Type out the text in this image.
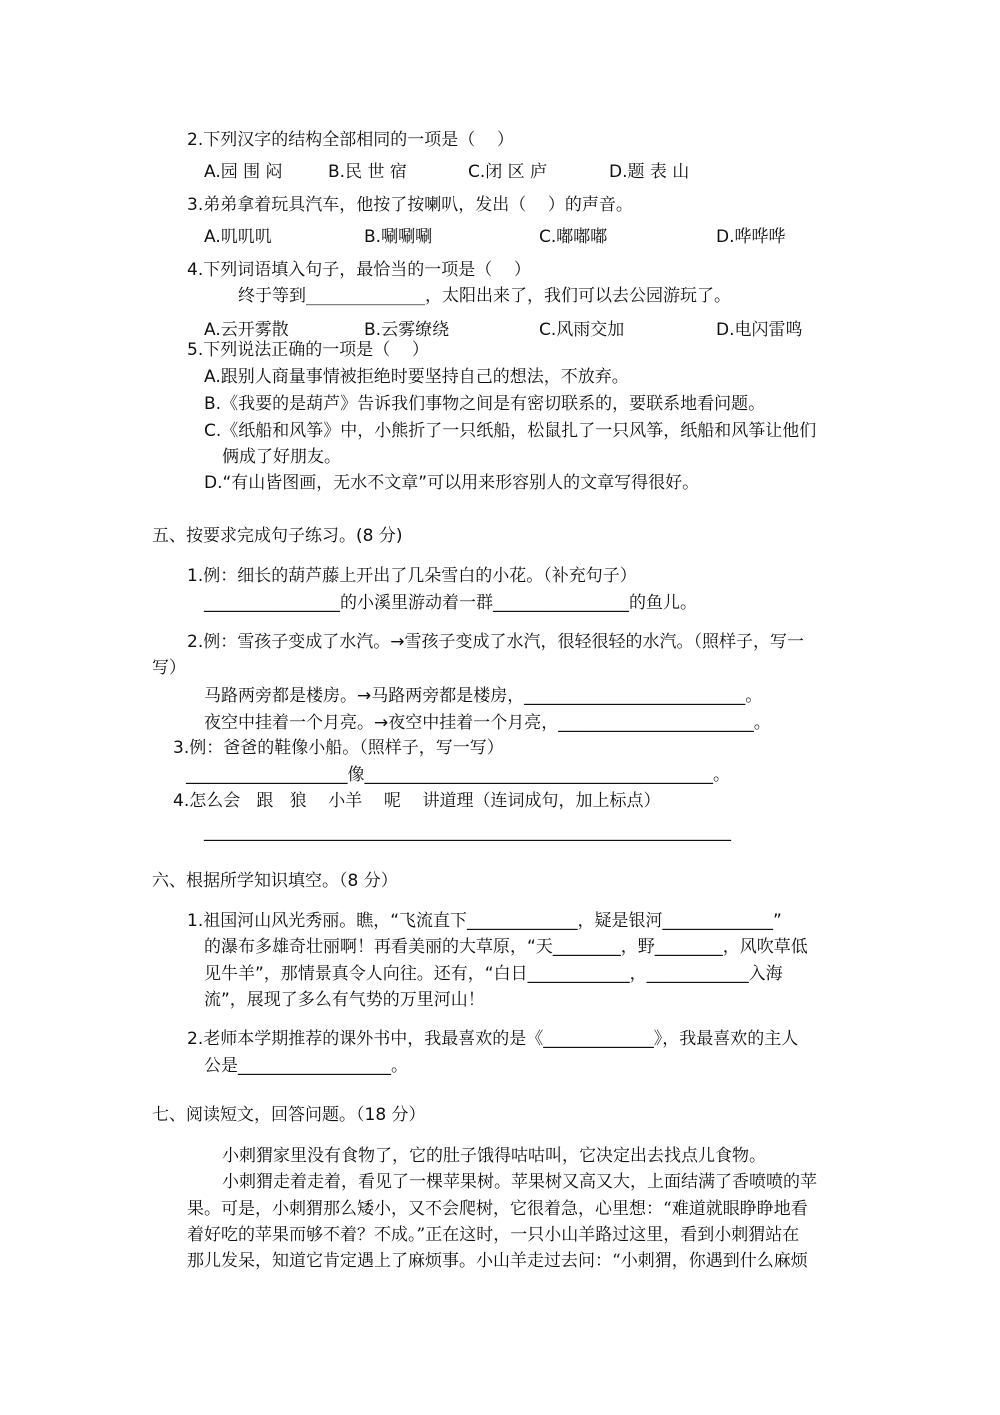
2.下列汉字的结构全部相同的一项是（    ）
A.园 围 闷	B.民 世 宿	C.闭 区 庐	D.题 表 山
3.弟弟拿着玩具汽车，他按了按喇叭，发出（    ）的声音。
A.叽叽叽	B.唰唰唰	C.嘟嘟嘟	D.哗哗哗
4.下列词语填入句子，最恰当的一项是（    ）
终于等到______________，太阳出来了，我们可以去公园游玩了。
A.云开雾散	B.云雾缭绕	C.风雨交加	D.电闪雷鸣
5.下列说法正确的一项是（    ）
A.跟别人商量事情被拒绝时要坚持自己的想法，不放弃。
B.《我要的是葫芦》告诉我们事物之间是有密切联系的，要联系地看问题。
C.《纸船和风筝》中，小熊折了一只纸船，松鼠扎了一只风筝，纸船和风筝让他们
俩成了好朋友。
D.“有山皆图画，无水不文章”可以用来形容别人的文章写得很好。
五、按要求完成句子练习。(8 分)
1.例：细长的葫芦藤上开出了几朵雪白的小花。（补充句子）
________________的小溪里游动着一群________________的鱼儿。
2.例：雪孩子变成了水汽。→雪孩子变成了水汽，很轻很轻的水汽。（照样子，写一
写）
马路两旁都是楼房。→马路两旁都是楼房，__________________________。
夜空中挂着一个月亮。→夜空中挂着一个月亮，_______________________。
3.例：爸爸的鞋像小船。（照样子，写一写）
___________________像_________________________________________。
4.怎么会   跟   狼    小羊    呢    讲道理（连词成句，加上标点）
______________________________________________________________
六、根据所学知识填空。（8 分）
1.祖国河山风光秀丽。瞧，“飞流直下_____________，疑是银河_____________”
的瀑布多雄奇壮丽啊！再看美丽的大草原，“天________，野________，风吹草低
见牛羊”，那情景真令人向往。还有，“白日____________，____________入海
流”，展现了多么有气势的万里河山！
2.老师本学期推荐的课外书中，我最喜欢的是《_____________》，我最喜欢的主人
公是__________________。
七、阅读短文，回答问题。（18 分）
小刺猬家里没有食物了，它的肚子饿得咕咕叫，它决定出去找点儿食物。
小刺猬走着走着，看见了一棵苹果树。苹果树又高又大，上面结满了香喷喷的苹
果。可是，小刺猬那么矮小，又不会爬树，它很着急，心里想：“难道就眼睁睁地看
着好吃的苹果而够不着？不成。”正在这时，一只小山羊路过这里，看到小刺猬站在
那儿发呆，知道它肯定遇上了麻烦事。小山羊走过去问：“小刺猬，你遇到什么麻烦
